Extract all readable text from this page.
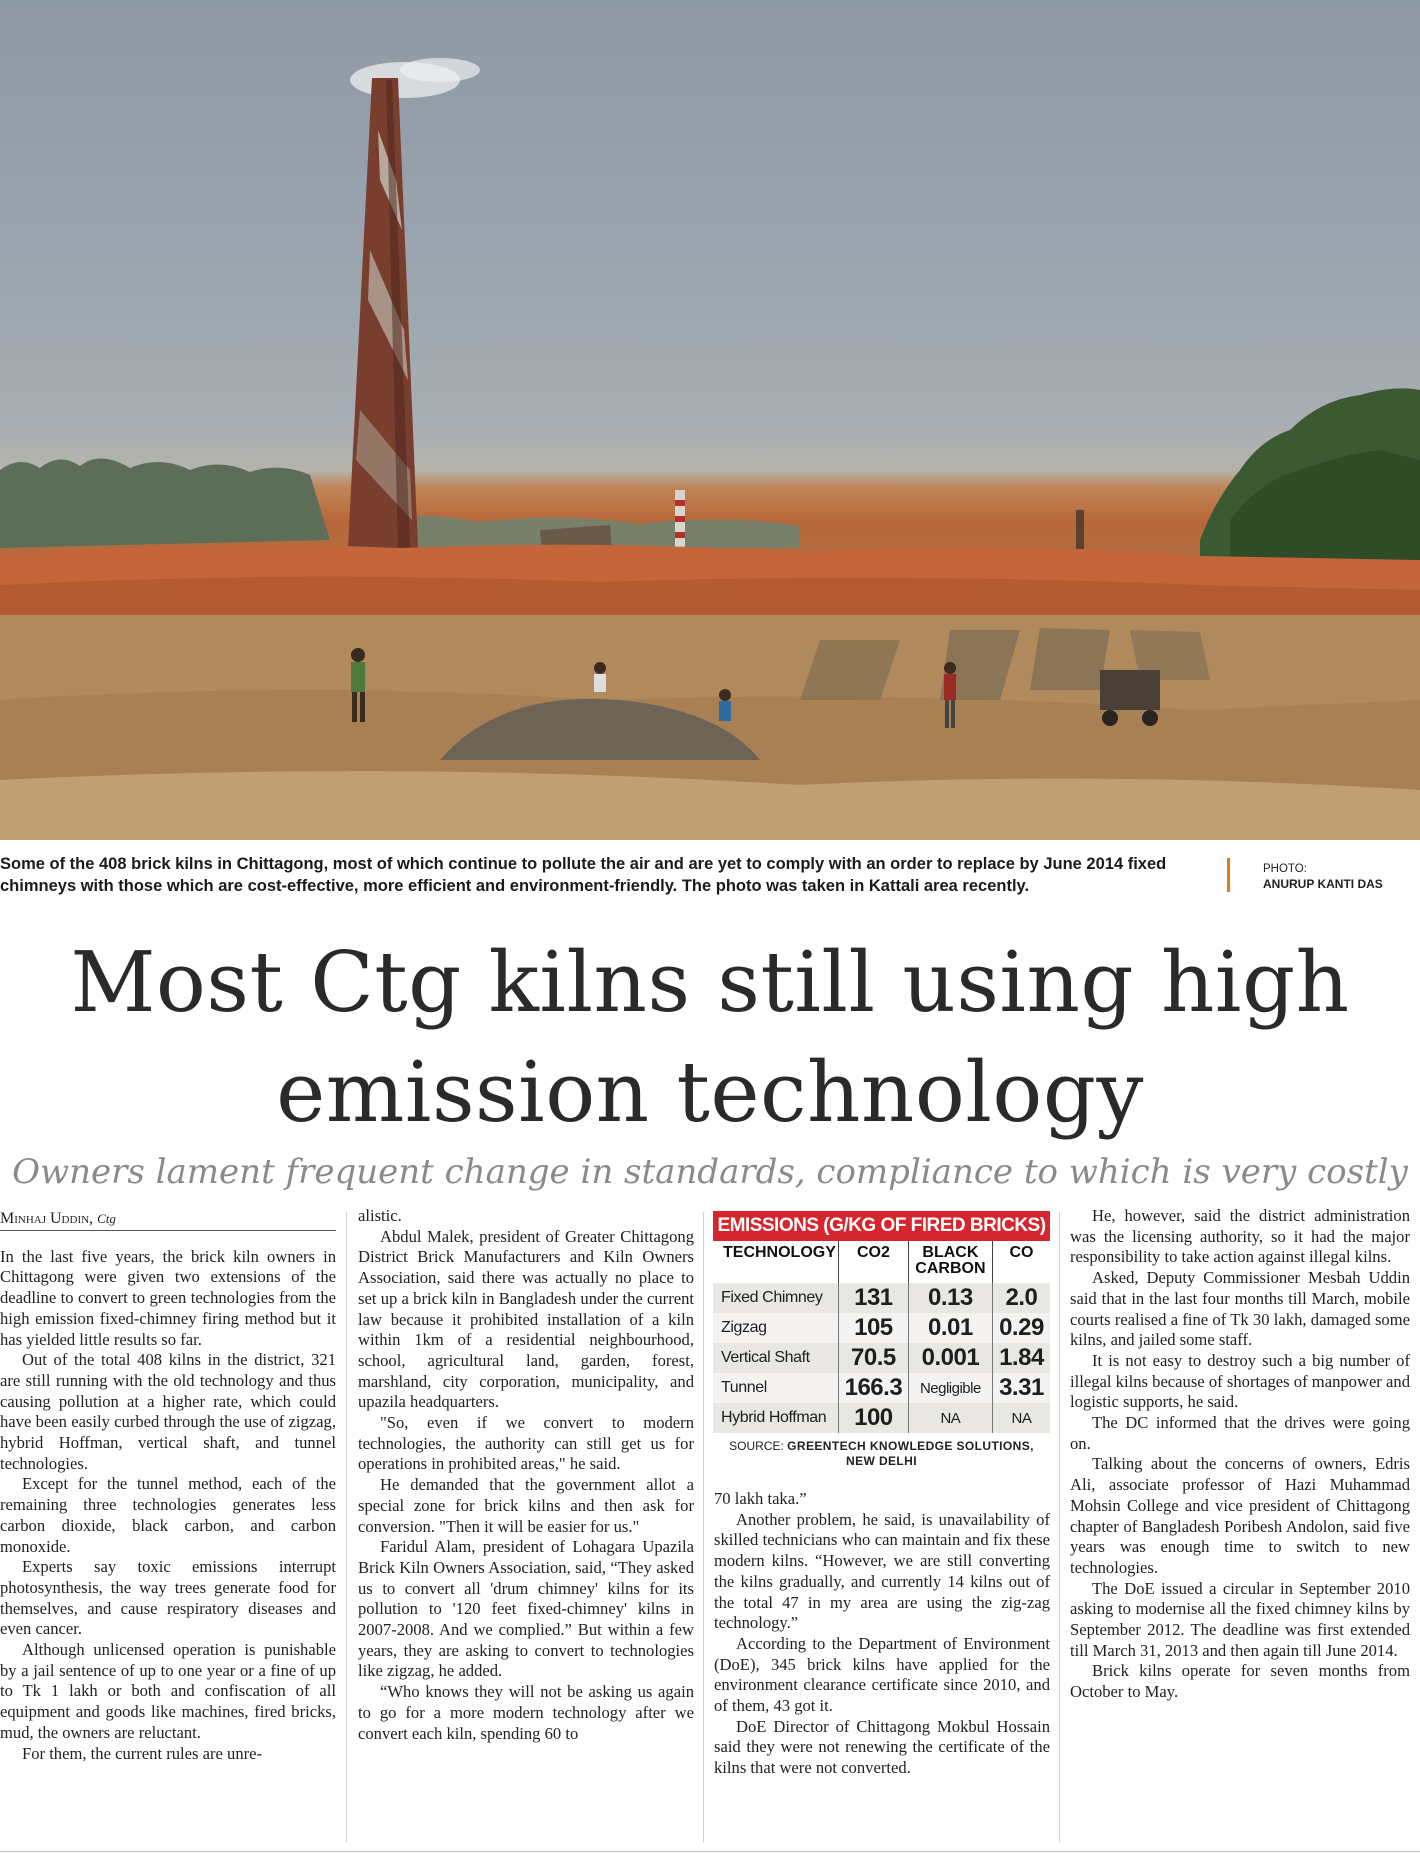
Some of the 408 brick kilns in Chittagong, most of which continue to pollute the air and are yet to comply with an order to replace by June 2014 fixed chimneys with those which are cost-effective, more efficient and environment-friendly. The photo was taken in Kattali area recently.
PHOTO:
ANURUP KANTI DAS
Most Ctg kilns still using high
emission technology
Owners lament frequent change in standards, compliance to which is very costly
Minhaj Uddin, Ctg

In the last five years, the brick kiln owners in Chittagong were given two extensions of the deadline to convert to green technologies from the high emission fixed-chimney firing method but it has yielded little results so far.

Out of the total 408 kilns in the district, 321 are still running with the old technology and thus causing pollution at a higher rate, which could have been easily curbed through the use of zigzag, hybrid Hoffman, vertical shaft, and tunnel technologies.

Except for the tunnel method, each of the remaining three technologies generates less carbon dioxide, black carbon, and carbon monoxide.

Experts say toxic emissions interrupt photosynthesis, the way trees generate food for themselves, and cause respiratory diseases and even cancer.

Although unlicensed operation is punishable by a jail sentence of up to one year or a fine of up to Tk 1 lakh or both and confiscation of all equipment and goods like machines, fired bricks, mud, the owners are reluctant.

For them, the current rules are unre-

alistic.

Abdul Malek, president of Greater Chittagong District Brick Manufacturers and Kiln Owners Association, said there was actually no place to set up a brick kiln in Bangladesh under the current law because it prohibited installation of a kiln within 1km of a residential neighbourhood, school, agricultural land, garden, forest, marshland, city corporation, municipality, and upazila headquarters.

"So, even if we convert to modern technologies, the authority can still get us for operations in prohibited areas," he said.

He demanded that the government allot a special zone for brick kilns and then ask for conversion. "Then it will be easier for us."

Faridul Alam, president of Lohagara Upazila Brick Kiln Owners Association, said, “They asked us to convert all 'drum chimney' kilns for its pollution to '120 feet fixed-chimney' kilns in 2007-2008. And we complied.” But within a few years, they are asking to convert to technologies like zigzag, he added.

“Who knows they will not be asking us again to go for a more modern technology after we convert each kiln, spending 60 to

EMISSIONS (G/KG OF FIRED BRICKS)
TECHNOLOGY	CO2	BLACK CARBON	CO
Fixed Chimney	131	0.13	2.0
Zigzag	105	0.01	0.29
Vertical Shaft	70.5	0.001	1.84
Tunnel	166.3	Negligible	3.31
Hybrid Hoffman	100	NA	NA
SOURCE: GREENTECH KNOWLEDGE SOLUTIONS, NEW DELHI

70 lakh taka.”

Another problem, he said, is unavailability of skilled technicians who can maintain and fix these modern kilns. “However, we are still converting the kilns gradually, and currently 14 kilns out of the total 47 in my area are using the zig-zag technology.”

According to the Department of Environment (DoE), 345 brick kilns have applied for the environment clearance certificate since 2010, and of them, 43 got it.

DoE Director of Chittagong Mokbul Hossain said they were not renewing the certificate of the kilns that were not converted.

He, however, said the district administration was the licensing authority, so it had the major responsibility to take action against illegal kilns.

Asked, Deputy Commissioner Mesbah Uddin said that in the last four months till March, mobile courts realised a fine of Tk 30 lakh, damaged some kilns, and jailed some staff.

It is not easy to destroy such a big number of illegal kilns because of shortages of manpower and logistic supports, he said.

The DC informed that the drives were going on.

Talking about the concerns of owners, Edris Ali, associate professor of Hazi Muhammad Mohsin College and vice president of Chittagong chapter of Bangladesh Poribesh Andolon, said five years was enough time to switch to new technologies.

The DoE issued a circular in September 2010 asking to modernise all the fixed chimney kilns by September 2012. The deadline was first extended till March 31, 2013 and then again till June 2014.

Brick kilns operate for seven months from October to May.
